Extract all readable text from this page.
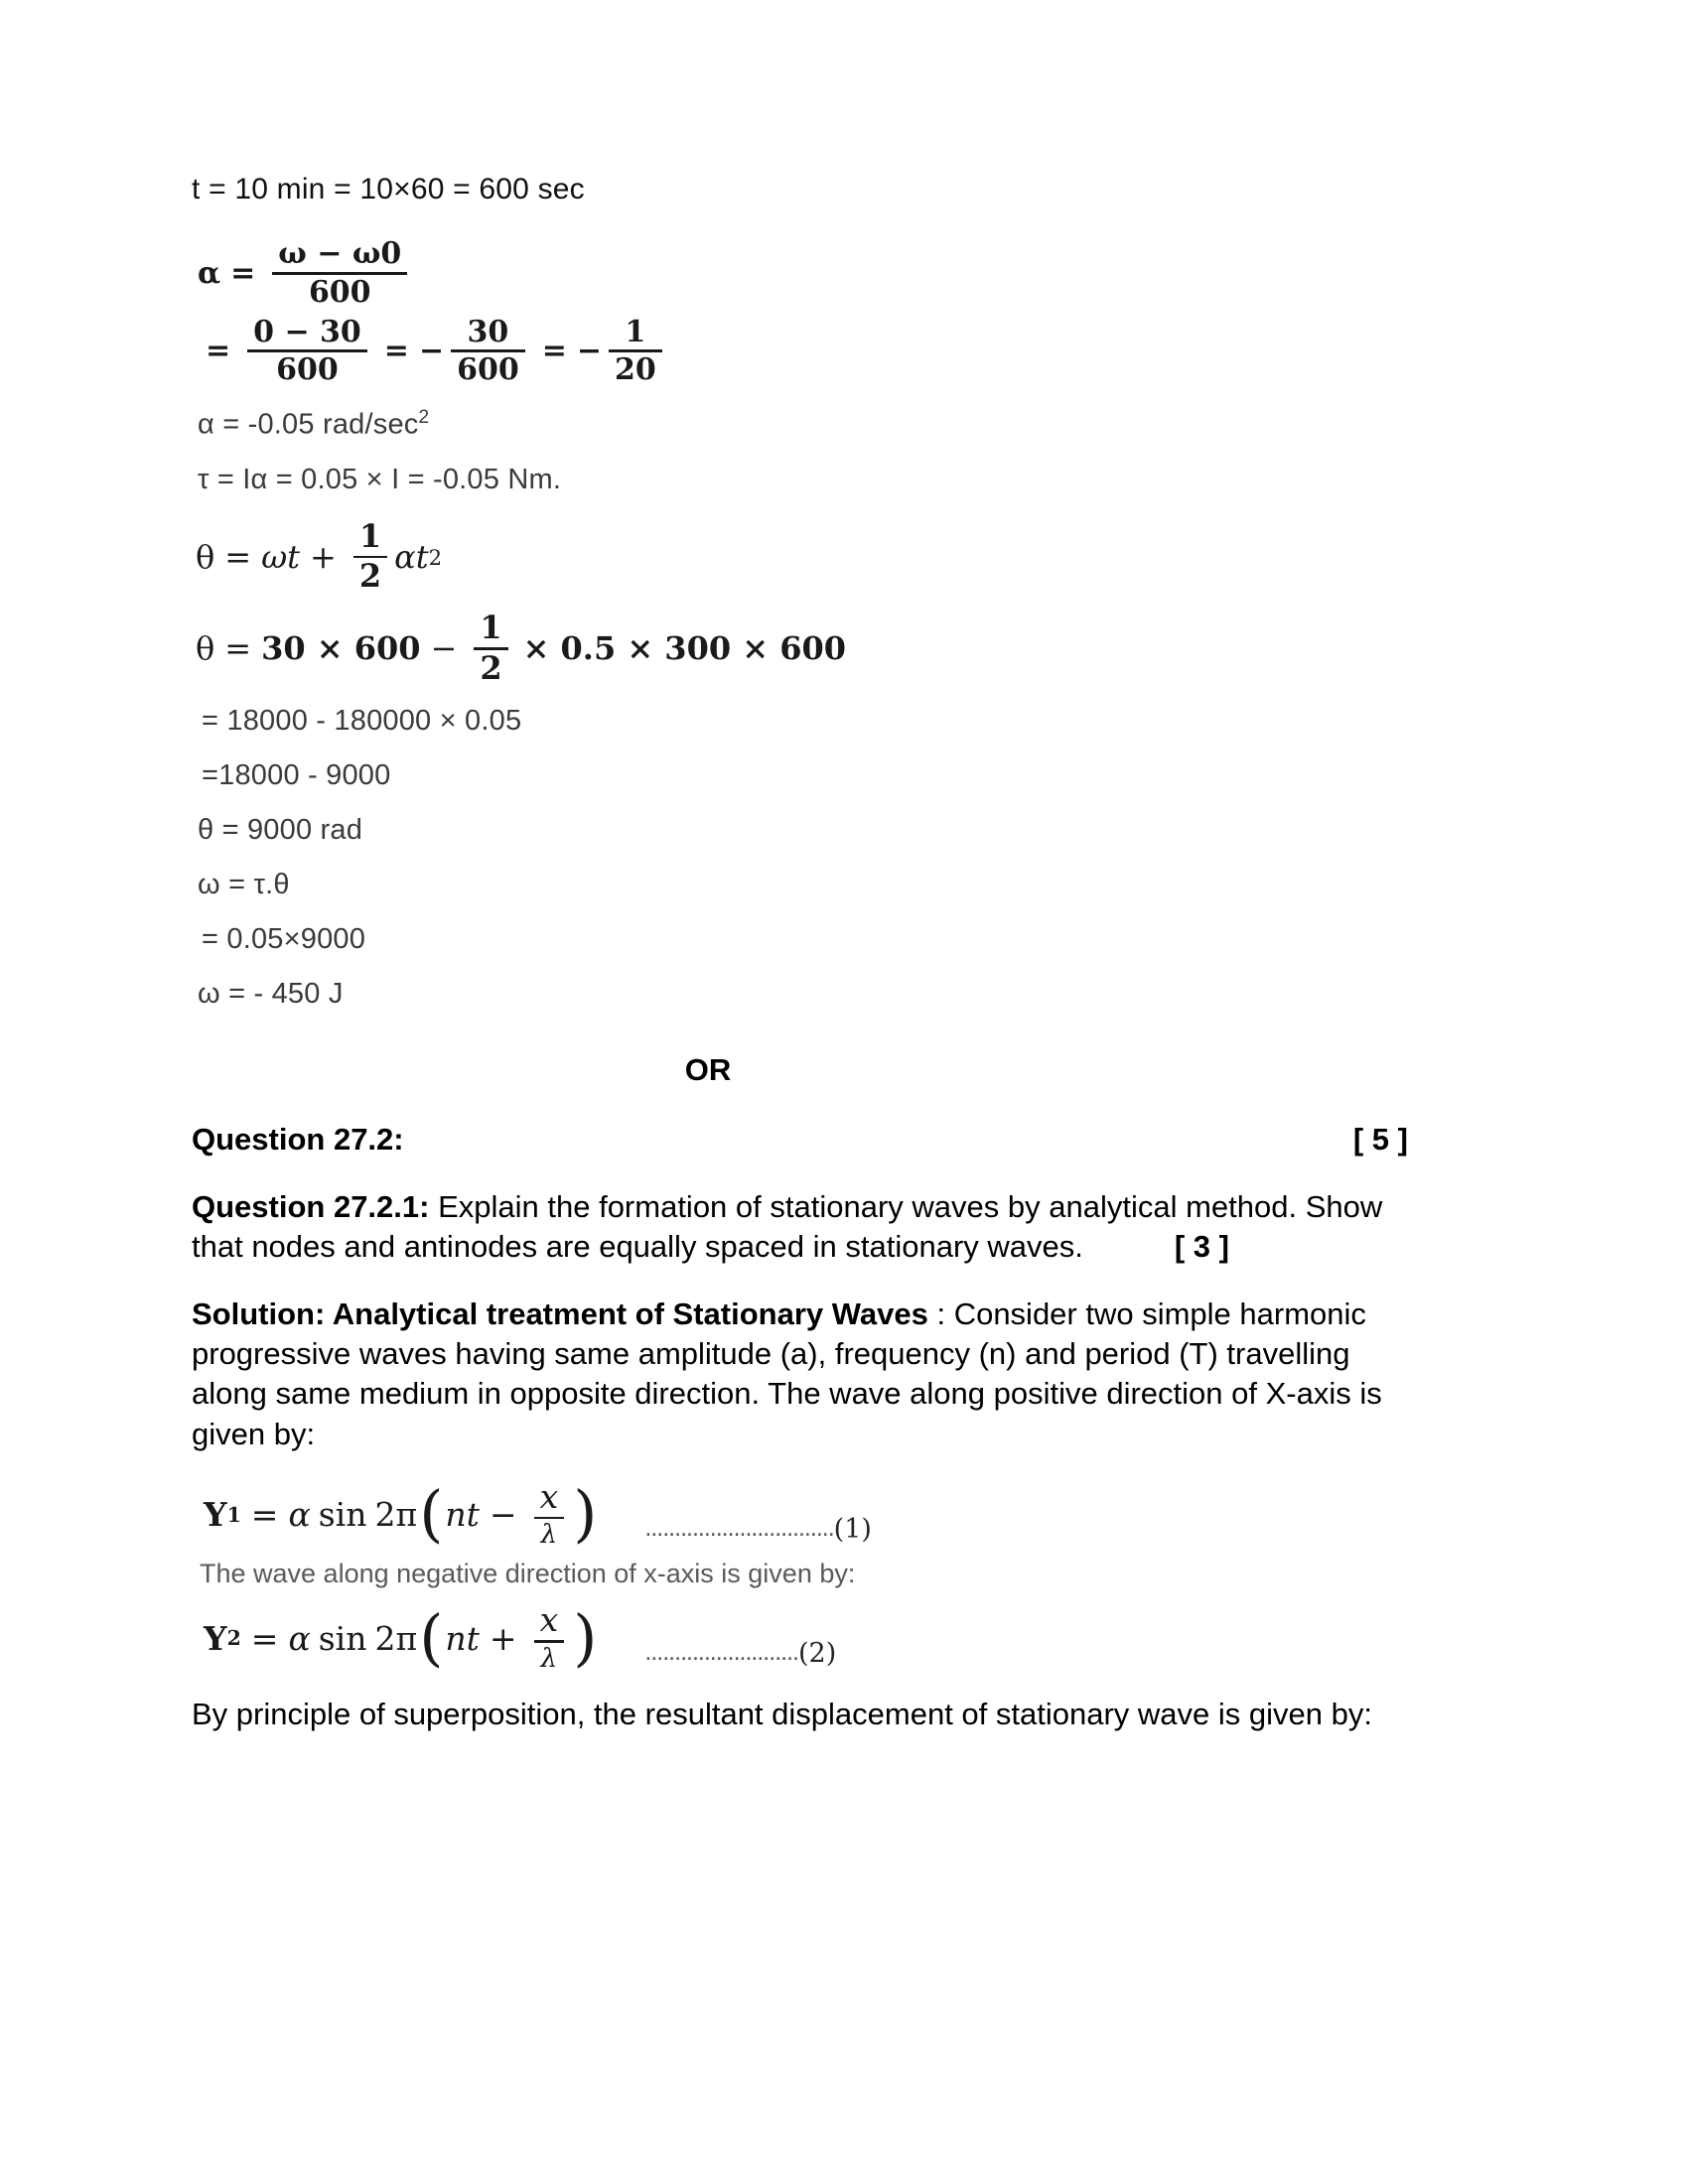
t = 10 min = 10×60 = 600 sec
$\alpha = \frac{\omega - \omega 0}{600}$
= $\frac{0 - 30}{600}$ = − $\frac{30}{600}$ = − $\frac{1}{20}$
α = -0.05 rad/$\sec^2$
τ = Iα = 0.05 × I = -0.05 Nm.
$\theta = \omega t + \frac{1}{2}$ αt 2
$\theta = 30 \times 600 - \frac{1}{2} \times 0.5 \times 300 \times 600$
= 18000 - 180000 × 0.05
=18000 - 9000
θ = 9000 rad
ω = τ.θ
= 0.05×9000
ω = - 450 J
OR
Question 27.2:	[ 5 ]
Question 27.2.1: Explain the formation of stationary waves by analytical method. Show that nodes and antinodes are equally spaced in stationary waves.	[ 3 ]
Solution: Analytical treatment of Stationary Waves : Consider two simple harmonic progressive waves having same amplitude (a), frequency (n) and period (T) travelling along same medium in opposite direction. The wave along positive direction of X-axis is given by:
Y 1 = α sin 2π ( nt − $\frac{x}{\lambda}$ ) ................................ (1)
The wave along negative direction of x-axis is given by:
Y 2 = α sin 2π ( nt + $\frac{x}{\lambda}$ ) .......................... (2)
By principle of superposition, the resultant displacement of stationary wave is given by:
